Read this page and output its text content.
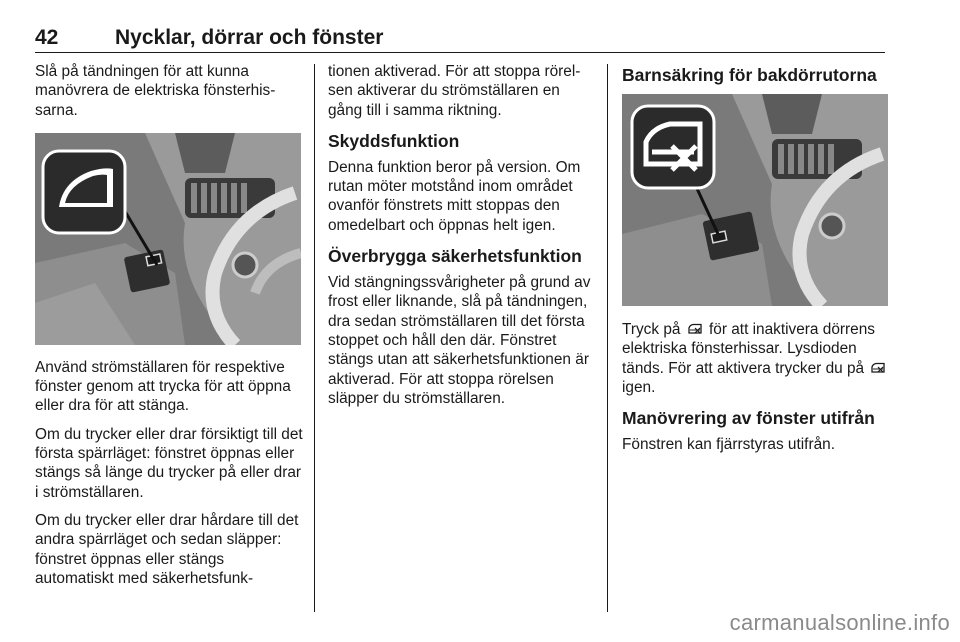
42	Nycklar, dörrar och fönster

Slå på tändningen för att kunna manövrera de elektriska fönsterhissarna.

Använd strömställaren för respektive fönster genom att trycka för att öppna eller dra för att stänga.

Om du trycker eller drar försiktigt till det första spärrläget: fönstret öppnas eller stängs så länge du trycker på eller drar i strömställaren.

Om du trycker eller drar hårdare till det andra spärrläget och sedan släpper: fönstret öppnas eller stängs automatiskt med säkerhetsfunk-

tionen aktiverad. För att stoppa rörelsen aktiverar du strömställaren en gång till i samma riktning.

Skyddsfunktion

Denna funktion beror på version. Om rutan möter motstånd inom området ovanför fönstrets mitt stoppas den omedelbart och öppnas helt igen.

Överbrygga säkerhetsfunktion

Vid stängningssvårigheter på grund av frost eller liknande, slå på tändningen, dra sedan strömställaren till det första stoppet och håll den där. Fönstret stängs utan att säkerhetsfunktionen är aktiverad. För att stoppa rörelsen släpper du strömställaren.

Barnsäkring för bakdörrutorna

Tryck på för att inaktivera dörrens elektriska fönsterhissar. Lysdioden tänds. För att aktivera trycker du på  igen.

Manövrering av fönster utifrån

Fönstren kan fjärrstyras utifrån.

carmanualsonline.info
